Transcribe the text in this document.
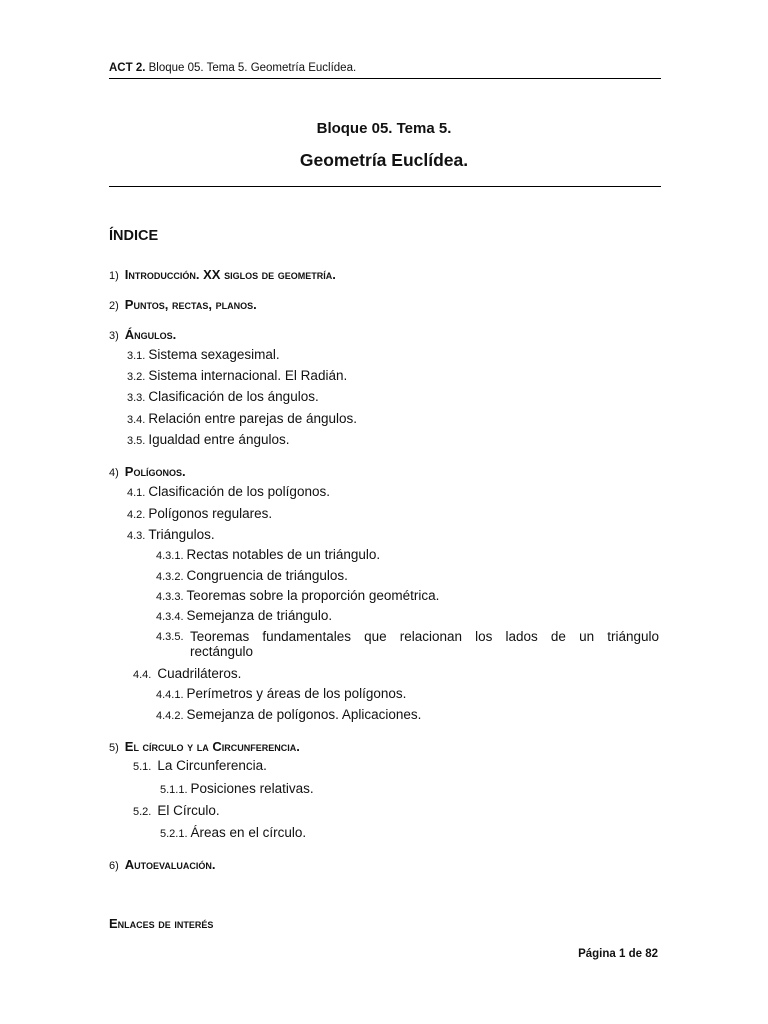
ACT 2. Bloque 05. Tema 5. Geometría Euclídea.
Bloque 05. Tema 5.
Geometría Euclídea.
ÍNDICE
1) Introducción. XX siglos de geometría.
2) Puntos, rectas, planos.
3) Ángulos.
3.1. Sistema sexagesimal.
3.2. Sistema internacional. El Radián.
3.3. Clasificación de los ángulos.
3.4. Relación entre parejas de ángulos.
3.5. Igualdad entre ángulos.
4) Polígonos.
4.1. Clasificación de los polígonos.
4.2. Polígonos regulares.
4.3. Triángulos.
4.3.1. Rectas notables de un triángulo.
4.3.2. Congruencia de triángulos.
4.3.3. Teoremas sobre la proporción geométrica.
4.3.4. Semejanza de triángulo.
4.3.5. Teoremas fundamentales que relacionan los lados de un triángulo
rectángulo
4.4. Cuadriláteros.
4.4.1. Perímetros y áreas de los polígonos.
4.4.2. Semejanza de polígonos. Aplicaciones.
5) El círculo y la Circunferencia.
5.1. La Circunferencia.
5.1.1. Posiciones relativas.
5.2. El Círculo.
5.2.1. Áreas en el círculo.
6) Autoevaluación.
Enlaces de interés
Página 1 de 82
